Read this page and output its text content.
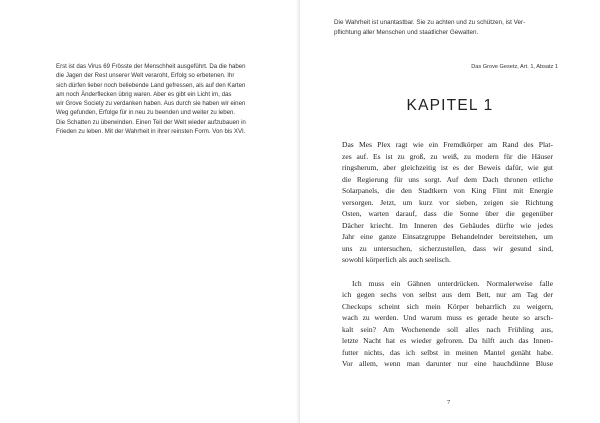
Erst ist das Virus 69 Frösste der Menschheit ausgeführt. Da die haben
die Jagen der Rest unserer Welt veraroht, Erfolg so erbetenen. Ihr
sich dürfen lieber noch beliebende Land gefressen, als auf den Karten
am noch Änderflecken übrig waren. Aber es gibt ein Licht im, das
wir Grove Society zu verdanken haben. Aus durch sie haben wir einen
Weg gefunden, Erfolge für in neu zu beenden und weiter zu leben.
Die Schatten zu überwinden. Einen Teil der Welt wieder aufzubauen in
Frieden zu leben. Mit der Wahrheit in ihrer reinsten Form. Von bis XVI.
Die Wahrheit ist unantastbar. Sie zu achten und zu schützen, ist Ver-
pflichtung aller Menschen und staatlicher Gewalten.
Das Grove Gesetz, Art. 1, Absatz 1
KAPITEL 1
Das Mes Plex ragt wie ein Fremdkörper am Rand des Plat-
zes auf. Es ist zu groß, zu weiß, zu modern für die Häuser
ringsherum, aber gleichzeitig ist es der Beweis dafür, wie gut
die Regierung für uns sorgt. Auf dem Dach thronen etliche
Solarpanels, die den Stadtkern von King Flint mit Energie
versorgen. Jetzt, um kurz vor sieben, zeigen sie Richtung
Osten, warten darauf, dass die Sonne über die gegenüber
Dächer kriecht. Im Inneren des Gebäudes dürfte wie jedes
Jahr eine ganze Einsatzgruppe Behandelnder bereitstehen, um
uns zu untersuchen, sicherzustellen, dass wir gesund sind,
sowohl körperlich als auch seelisch.
Ich muss ein Gähnen unterdrücken. Normalerweise falle
ich gegen sechs von selbst aus dem Bett, nur am Tag der
Checkups scheint sich mein Körper beharrlich zu weigern,
wach zu werden. Und warum muss es gerade heute so arsch-
kalt sein? Am Wochenende soll alles nach Frühling aus,
letzte Nacht hat es wieder gefroren. Da hilft auch das Innen-
futter nichts, das ich selbst in meinen Mantel genäht habe.
Vor allem, wenn man darunter nur eine hauchdünne Bluse
7
